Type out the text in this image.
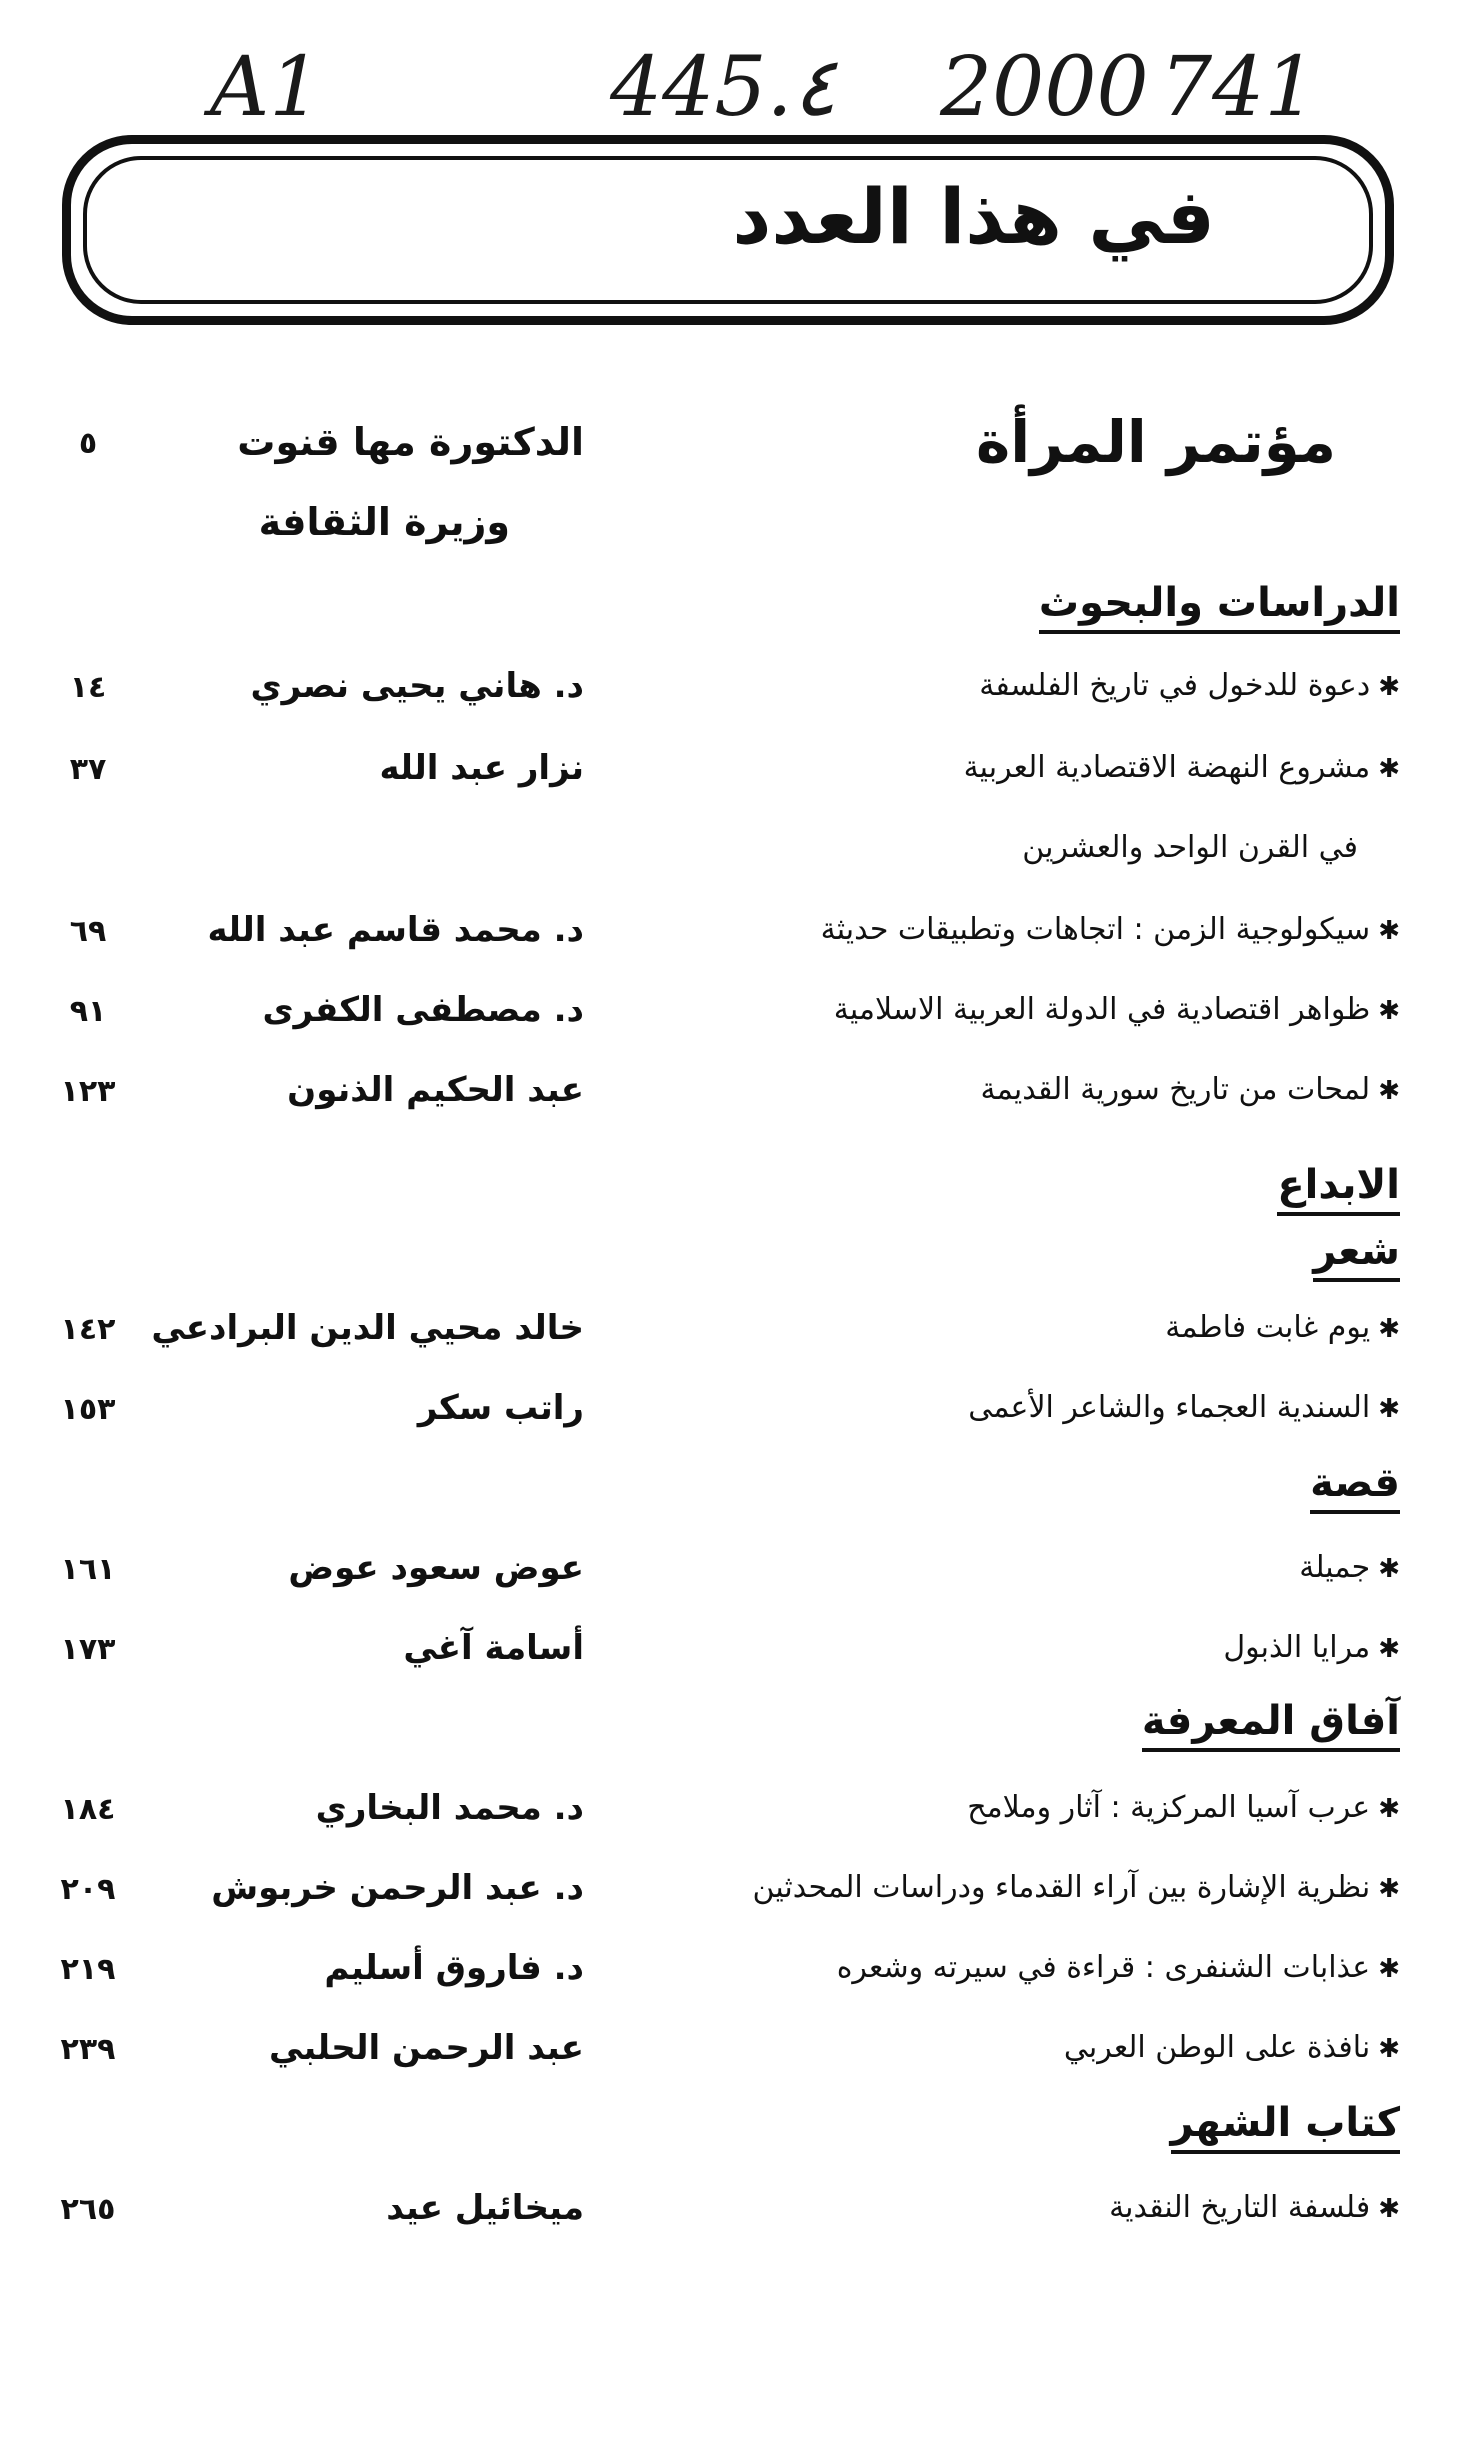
A1	445.٤ 2000 741
في هذا العدد
مؤتمر المرأة
الدكتورة مها قنوت
وزيرة الثقافة
٥
الدراسات والبحوث
✱دعوة للدخول في تاريخ الفلسفة
د. هاني يحيى نصري
١٤
✱مشروع النهضة الاقتصادية العربية
نزار عبد الله
٣٧
في القرن الواحد والعشرين
✱سيكولوجية الزمن : اتجاهات وتطبيقات حديثة
د. محمد قاسم عبد الله
٦٩
✱ظواهر اقتصادية في الدولة العربية الاسلامية
د. مصطفى الكفرى
٩١
✱لمحات من تاريخ سورية القديمة
عبد الحكيم الذنون
١٢٣
الابداع
شعر
✱يوم غابت فاطمة
خالد محيي الدين البرادعي
١٤٢
✱السندية العجماء والشاعر الأعمى
راتب سكر
١٥٣
قصة
✱جميلة
عوض سعود عوض
١٦١
✱مرايا الذبول
أسامة آغي
١٧٣
آفاق المعرفة
✱عرب آسيا المركزية : آثار وملامح
د. محمد البخاري
١٨٤
✱نظرية الإشارة بين آراء القدماء ودراسات المحدثين
د. عبد الرحمن خربوش
٢٠٩
✱عذابات الشنفرى : قراءة في سيرته وشعره
د. فاروق أسليم
٢١٩
✱نافذة على الوطن العربي
عبد الرحمن الحلبي
٢٣٩
كتاب الشهر
✱فلسفة التاريخ النقدية
ميخائيل عيد
٢٦٥
